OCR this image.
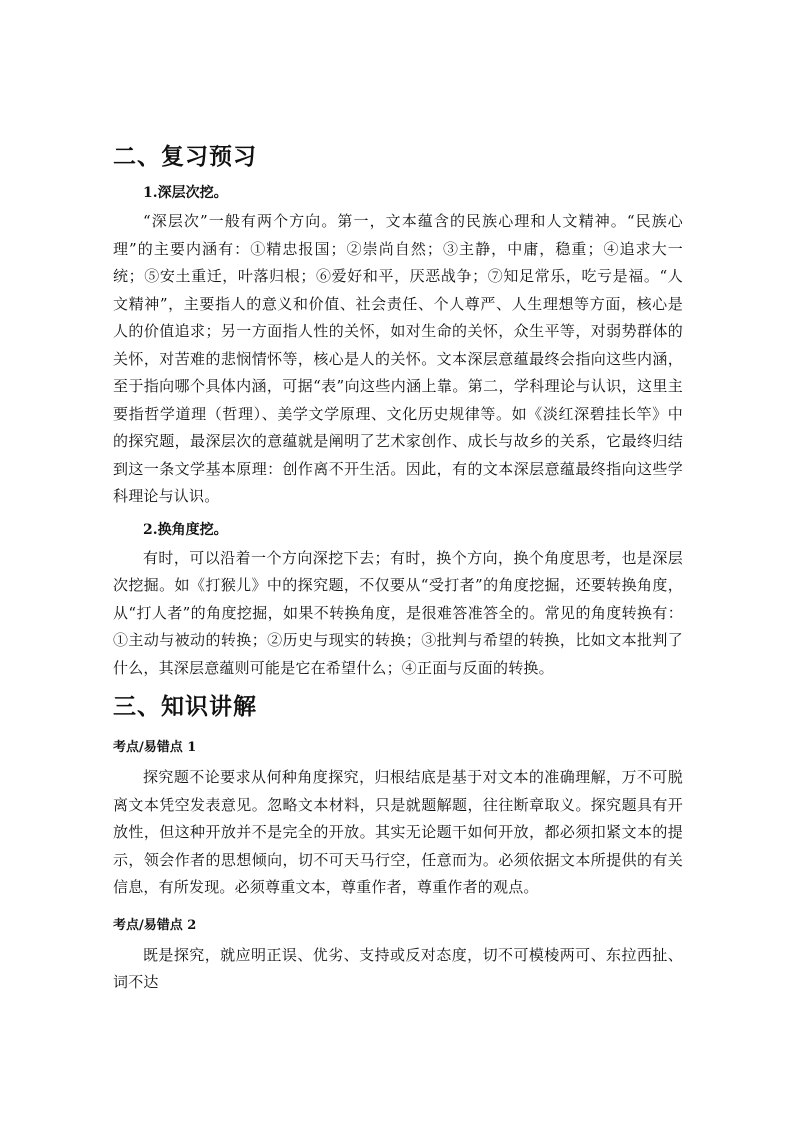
二、复习预习

1.深层次挖。

“深层次”一般有两个方向。第一，文本蕴含的民族心理和人文精神。“民族心理”的主要内涵有：①精忠报国；②崇尚自然；③主静，中庸，稳重；④追求大一统；⑤安土重迁，叶落归根；⑥爱好和平，厌恶战争；⑦知足常乐，吃亏是福。“人文精神”，主要指人的意义和价值、社会责任、个人尊严、人生理想等方面，核心是人的价值追求；另一方面指人性的关怀，如对生命的关怀，众生平等，对弱势群体的关怀，对苦难的悲悯情怀等，核心是人的关怀。文本深层意蕴最终会指向这些内涵，至于指向哪个具体内涵，可据“表”向这些内涵上靠。第二，学科理论与认识，这里主要指哲学道理（哲理）、美学文学原理、文化历史规律等。如《淡红深碧挂长竿》中的探究题，最深层次的意蕴就是阐明了艺术家创作、成长与故乡的关系，它最终归结到这一条文学基本原理：创作离不开生活。因此，有的文本深层意蕴最终指向这些学科理论与认识。

2.换角度挖。

有时，可以沿着一个方向深挖下去；有时，换个方向，换个角度思考，也是深层次挖掘。如《打猴儿》中的探究题，不仅要从“受打者”的角度挖掘，还要转换角度，从“打人者”的角度挖掘，如果不转换角度，是很难答准答全的。常见的角度转换有：①主动与被动的转换；②历史与现实的转换；③批判与希望的转换，比如文本批判了什么，其深层意蕴则可能是它在希望什么；④正面与反面的转换。

三、知识讲解

考点/易错点 1

探究题不论要求从何种角度探究，归根结底是基于对文本的准确理解，万不可脱离文本凭空发表意见。忽略文本材料，只是就题解题，往往断章取义。探究题具有开放性，但这种开放并不是完全的开放。其实无论题干如何开放，都必须扣紧文本的提示，领会作者的思想倾向，切不可天马行空，任意而为。必须依据文本所提供的有关信息，有所发现。必须尊重文本，尊重作者，尊重作者的观点。

考点/易错点 2

既是探究，就应明正误、优劣、支持或反对态度，切不可模棱两可、东拉西扯、词不达
